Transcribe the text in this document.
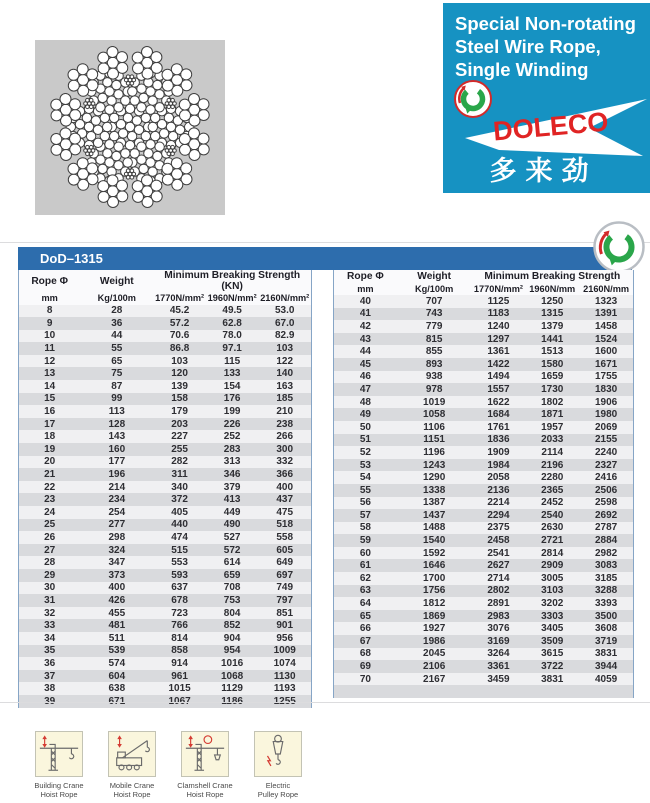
Special Non-rotating
Steel Wire Rope,
Single Winding
DOLECO
多来劲
DoD–1315
Rope Φ	Weight	Minimum Breaking Strength (KN)		
mm	Kg/100m	1770N/mm²	1960N/mm²	2160N/mm²
8	28	45.2	49.5	53.0
9	36	57.2	62.8	67.0
10	44	70.6	78.0	82.9
11	55	86.8	97.1	103
12	65	103	115	122
13	75	120	133	140
14	87	139	154	163
15	99	158	176	185
16	113	179	199	210
17	128	203	226	238
18	143	227	252	266
19	160	255	283	300
20	177	282	313	332
21	196	311	346	366
22	214	340	379	400
23	234	372	413	437
24	254	405	449	475
25	277	440	490	518
26	298	474	527	558
27	324	515	572	605
28	347	553	614	649
29	373	593	659	697
30	400	637	708	749
31	426	678	753	797
32	455	723	804	851
33	481	766	852	901
34	511	814	904	956
35	539	858	954	1009
36	574	914	1016	1074
37	604	961	1068	1130
38	638	1015	1129	1193

Rope Φ	Weight	Minimum Breaking Strength		
mm	Kg/100m	1770N/mm²	1960N/mm	2160N/mm
40	707	1125	1250	1323
41	743	1183	1315	1391
42	779	1240	1379	1458
43	815	1297	1441	1524
44	855	1361	1513	1600
45	893	1422	1580	1671
46	938	1494	1659	1755
47	978	1557	1730	1830
48	1019	1622	1802	1906
49	1058	1684	1871	1980
50	1106	1761	1957	2069
51	1151	1836	2033	2155
52	1196	1909	2114	2240
53	1243	1984	2196	2327
54	1290	2058	2280	2416
55	1338	2136	2365	2506
56	1387	2214	2452	2598
57	1437	2294	2540	2692
58	1488	2375	2630	2787
59	1540	2458	2721	2884
60	1592	2541	2814	2982
61	1646	2627	2909	3083
62	1700	2714	3005	3185
63	1756	2802	3103	3288
64	1812	2891	3202	3393
65	1869	2983	3303	3500
66	1927	3076	3405	3608
67	1986	3169	3509	3719
68	2045	3264	3615	3831
69	2106	3361	3722	3944
70	2167	3459	3831	4059

Building Crane
Hoist Rope
Mobile Crane
Hoist Rope
Clamshell Crane
Hoist Rope
Electric
Pulley Rope
